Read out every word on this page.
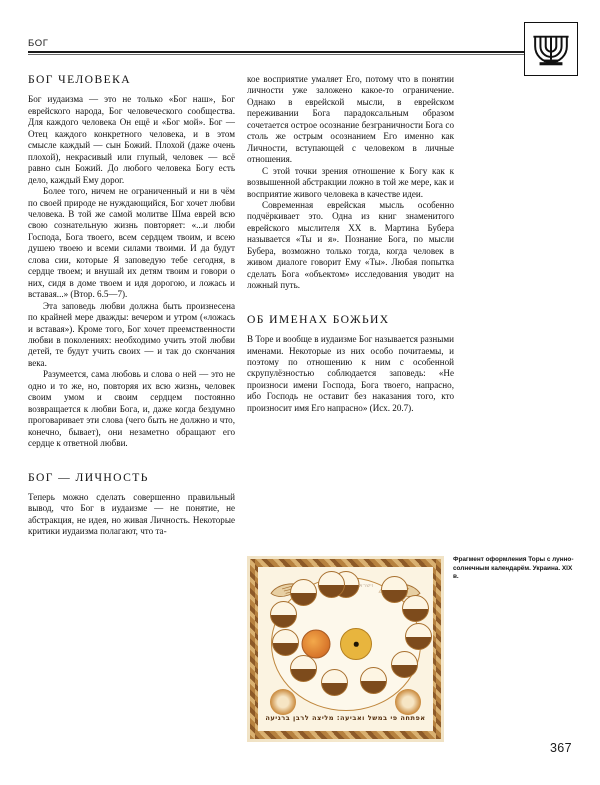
БОГ
БОГ ЧЕЛОВЕКА

Бог иудаизма — это не только «Бог наш», Бог еврейского народа, Бог человеческого сообщества. Для каждого человека Он ещё и «Бог мой». Бог — Отец каждого конкретного человека, и в этом смысле каждый — сын Божий. Плохой (даже очень плохой), некрасивый или глупый, человек — всё равно сын Божий. До любого человека Богу есть дело, каждый Ему дорог.

Более того, ничем не ограниченный и ни в чём по своей природе не нуждающийся, Бог хочет любви человека. В той же самой молитве Шма еврей всю свою сознательную жизнь повторяет: «...и люби Господа, Бога твоего, всем сердцем твоим, и всею душею твоею и всеми силами твоими. И да будут слова сии, которые Я заповедую тебе сегодня, в сердце твоем; и внушай их детям твоим и говори о них, сидя в доме твоем и идя дорогою, и ложась и вставая...» (Втор. 6.5—7).

Эта заповедь любви должна быть произнесена по крайней мере дважды: вечером и утром («ложась и вставая»). Кроме того, Бог хочет преемственности любви в поколениях: необходимо учить этой любви детей, те будут учить своих — и так до скончания века.

Разумеется, сама любовь и слова о ней — это не одно и то же, но, повторяя их всю жизнь, человек своим умом и своим сердцем постоянно возвращается к любви Бога, и, даже когда бездумно проговаривает эти слова (чего быть не должно и что, конечно, бывает), они незаметно обращают его сердце к ответной любви.

БОГ — ЛИЧНОСТЬ

Теперь можно сделать совершенно правильный вывод, что Бог в иудаизме — не понятие, не абстракция, не идея, но живая Личность. Некоторые критики иудаизма полагают, что та-

кое восприятие умаляет Его, потому что в понятии личности уже заложено какое-то ограничение. Однако в еврейской мысли, в еврейском переживании Бога парадоксальным образом сочетается острое осознание безграничности Бога со столь же острым осознанием Его именно как Личности, вступающей с человеком в личные отношения.

С этой точки зрения отношение к Богу как к возвышенной абстракции ложно в той же мере, как и восприятие живого человека в качестве идеи.

Современная еврейская мысль особенно подчёркивает это. Одна из книг знаменитого еврейского мыслителя XX в. Мартина Бубера называется «Ты и я». Познание Бога, по мысли Бубера, возможно только тогда, когда человек в живом диалоге говорит Ему «Ты». Любая попытка сделать Бога «объектом» исследования уводит на ложный путь.

ОБ ИМЕНАХ БОЖЬИХ

В Торе и вообще в иудаизме Бог называется разными именами. Некоторые из них особо почитаемы, и поэтому по отношению к ним с особенной скрупулёзностью соблюдается заповедь: «Не произноси имени Господа, Бога твоего, напрасно, ибо Господь не оставит без наказания того, кто произносит имя Его напрасно» (Исх. 20.7).

אפתחה פי במשל ואביעה: מליצה לרבן ברגיעה
Фрагмент оформления Торы с лунно-солнечным календарём. Украина. XIX в.
367
